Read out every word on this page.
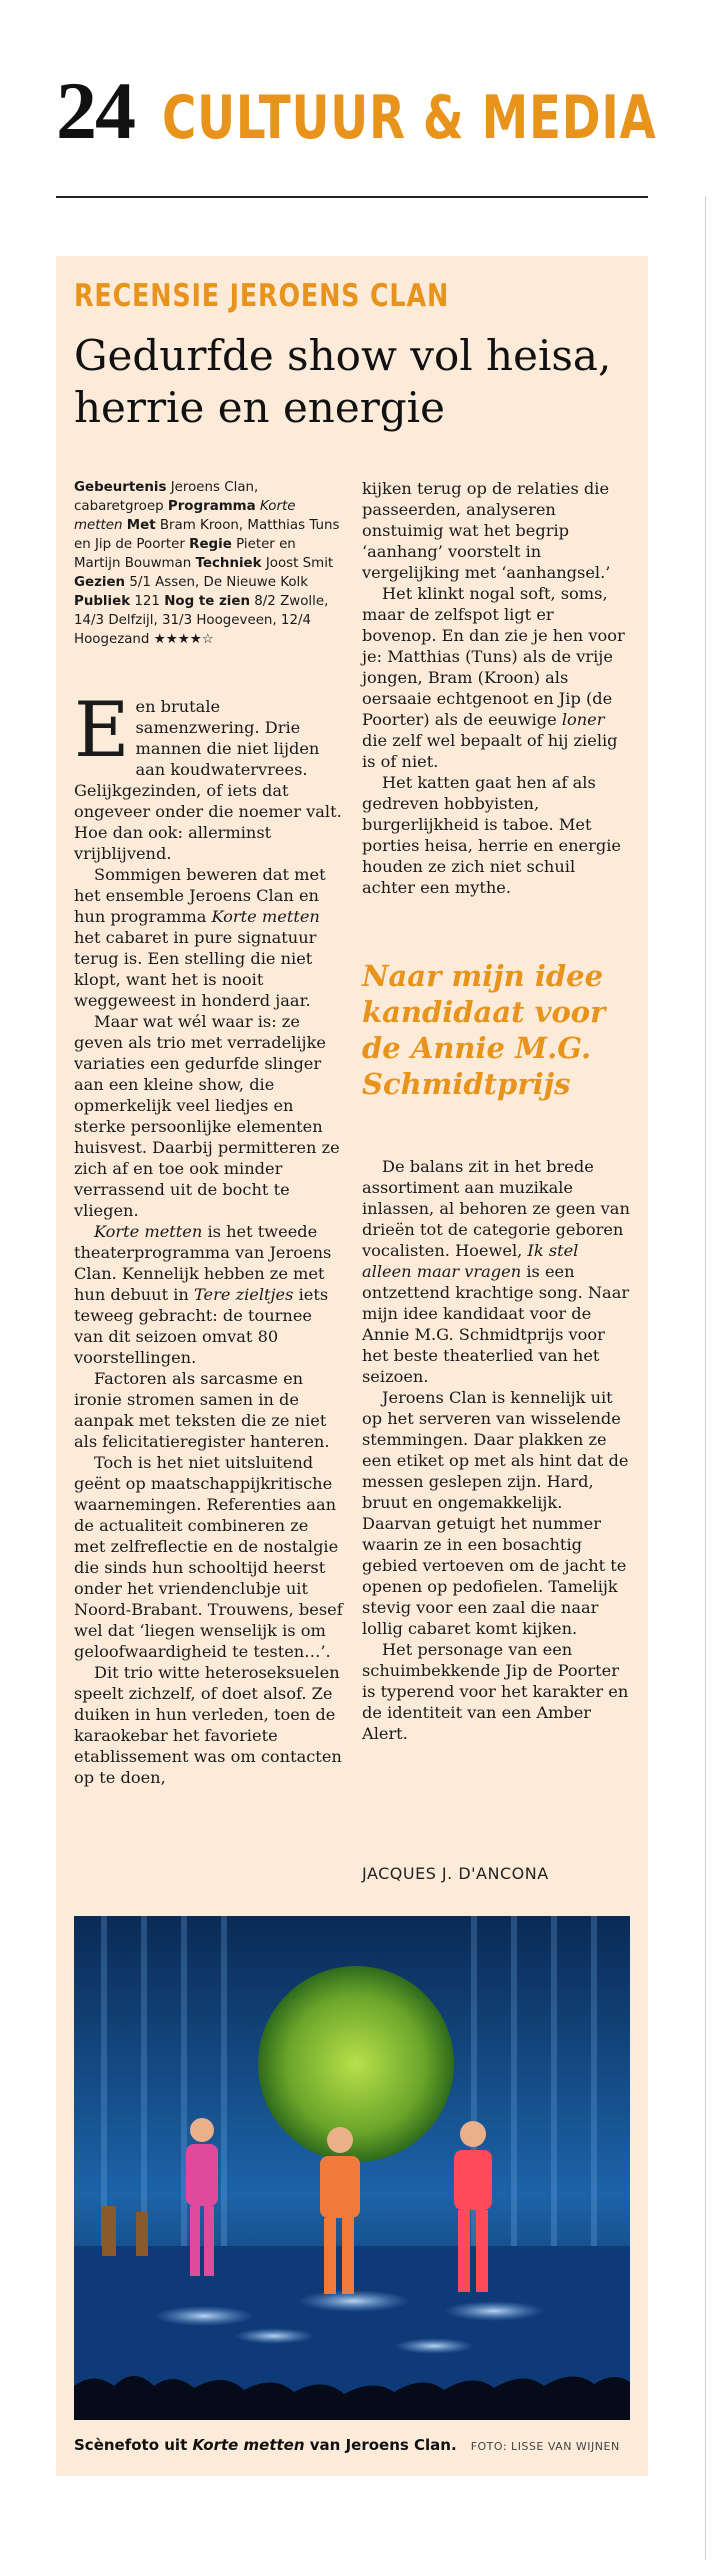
24 CULTUUR & MEDIA
RECENSIE JEROENS CLAN
Gedurfde show vol heisa, herrie en energie
Gebeurtenis Jeroens Clan, cabaretgroep Programma Korte metten Met Bram Kroon, Matthias Tuns en Jip de Poorter Regie Pieter en Martijn Bouwman Techniek Joost Smit Gezien 5/1 Assen, De Nieuwe Kolk Publiek 121 Nog te zien 8/2 Zwolle, 14/3 Delfzijl, 31/3 Hoogeveen, 12/4 Hoogezand ★★★★☆

Een brutale samenzwering. Drie mannen die niet lijden aan koudwatervrees. Gelijkgezinden, of iets dat ongeveer onder die noemer valt. Hoe dan ook: allerminst vrijblijvend.

Sommigen beweren dat met het ensemble Jeroens Clan en hun programma Korte metten het cabaret in pure signatuur terug is. Een stelling die niet klopt, want het is nooit weggeweest in honderd jaar.

Maar wat wél waar is: ze geven als trio met verradelijke variaties een gedurfde slinger aan een kleine show, die opmerkelijk veel liedjes en sterke persoonlijke elementen huisvest. Daarbij permitteren ze zich af en toe ook minder verrassend uit de bocht te vliegen.

Korte metten is het tweede theaterprogramma van Jeroens Clan. Kennelijk hebben ze met hun debuut in Tere zieltjes iets teweeg gebracht: de tournee van dit seizoen omvat 80 voorstellingen.

Factoren als sarcasme en ironie stromen samen in de aanpak met teksten die ze niet als felicitatieregister hanteren.

Toch is het niet uitsluitend geënt op maatschappijkritische waarnemingen. Referenties aan de actualiteit combineren ze met zelfreflectie en de nostalgie die sinds hun schooltijd heerst onder het vriendenclubje uit Noord-Brabant. Trouwens, besef wel dat ‘liegen wenselijk is om geloofwaardigheid te testen…’.

Dit trio witte heteroseksuelen speelt zichzelf, of doet alsof. Ze duiken in hun verleden, toen de karaokebar het favoriete etablissement was om contacten op te doen,

kijken terug op de relaties die passeerden, analyseren onstuimig wat het begrip ‘aanhang’ voorstelt in vergelijking met ‘aanhangsel.’

Het klinkt nogal soft, soms, maar de zelfspot ligt er bovenop. En dan zie je hen voor je: Matthias (Tuns) als de vrije jongen, Bram (Kroon) als oersaaie echtgenoot en Jip (de Poorter) als de eeuwige loner die zelf wel bepaalt of hij zielig is of niet.

Het katten gaat hen af als gedreven hobbyisten, burgerlijkheid is taboe. Met porties heisa, herrie en energie houden ze zich niet schuil achter een mythe.

Naar mijn idee kandidaat voor de Annie M.G. Schmidtprijs

De balans zit in het brede assortiment aan muzikale inlassen, al behoren ze geen van drieën tot de categorie geboren vocalisten. Hoewel, Ik stel alleen maar vragen is een ontzettend krachtige song. Naar mijn idee kandidaat voor de Annie M.G. Schmidtprijs voor het beste theaterlied van het seizoen.

Jeroens Clan is kennelijk uit op het serveren van wisselende stemmingen. Daar plakken ze een etiket op met als hint dat de messen geslepen zijn. Hard, bruut en ongemakkelijk. Daarvan getuigt het nummer waarin ze in een bosachtig gebied vertoeven om de jacht te openen op pedofielen. Tamelijk stevig voor een zaal die naar lollig cabaret komt kijken.

Het personage van een schuimbekkende Jip de Poorter is typerend voor het karakter en de identiteit van een Amber Alert.

JACQUES J. D'ANCONA
Scènefoto uit Korte metten van Jeroens Clan. FOTO: LISSE VAN WIJNEN
